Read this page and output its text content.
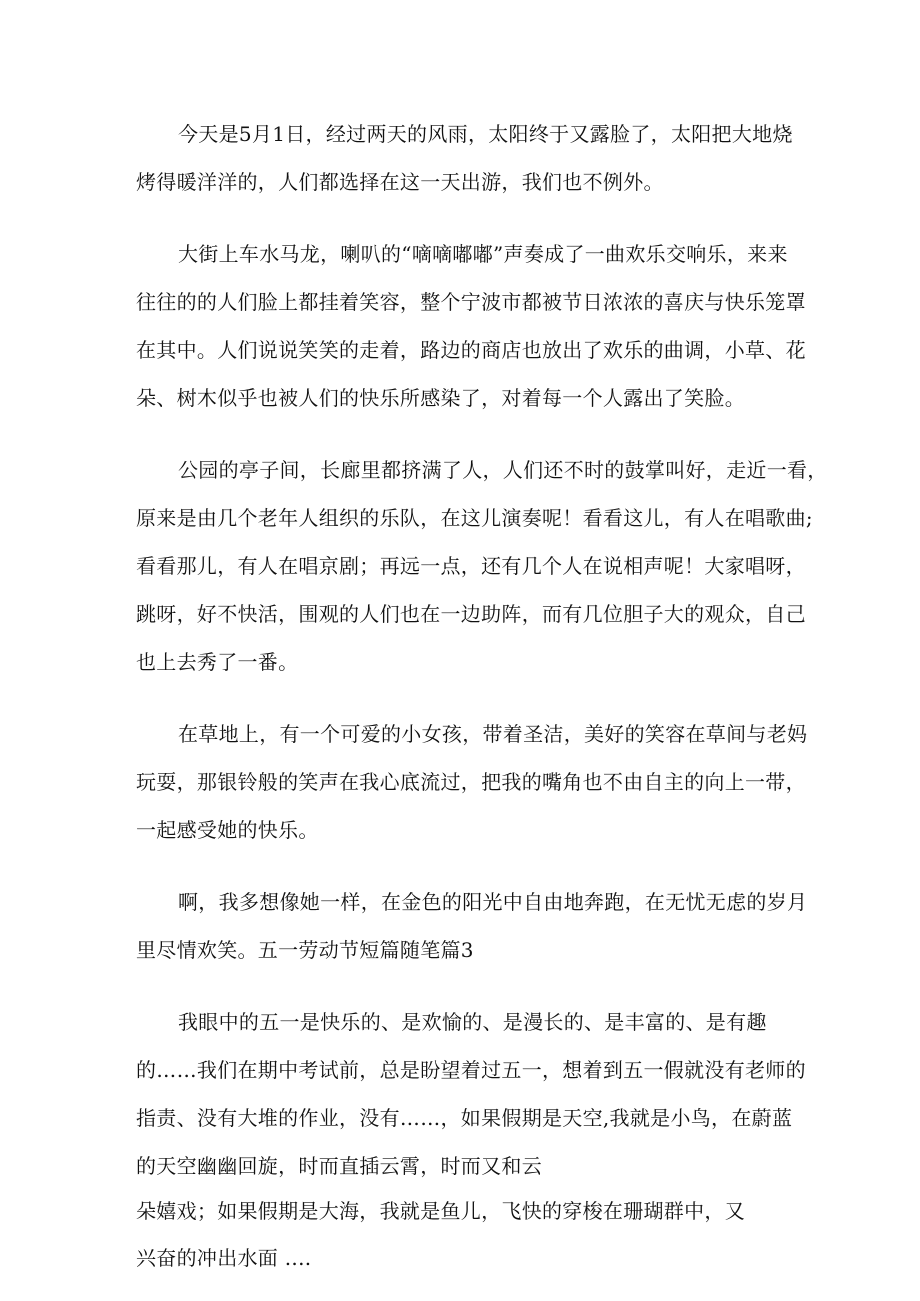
今天是5月1日，经过两天的风雨，太阳终于又露脸了，太阳把大地烧
烤得暖洋洋的，人们都选择在这一天出游，我们也不例外。
大街上车水马龙，喇叭的“嘀嘀嘟嘟”声奏成了一曲欢乐交响乐，来来
往往的的人们脸上都挂着笑容，整个宁波市都被节日浓浓的喜庆与快乐笼罩
在其中。人们说说笑笑的走着，路边的商店也放出了欢乐的曲调，小草、花
朵、树木似乎也被人们的快乐所感染了，对着每一个人露出了笑脸。
公园的亭子间，长廊里都挤满了人，人们还不时的鼓掌叫好，走近一看，
原来是由几个老年人组织的乐队，在这儿演奏呢！看看这儿，有人在唱歌曲;
看看那儿，有人在唱京剧；再远一点，还有几个人在说相声呢！大家唱呀，
跳呀，好不快活，围观的人们也在一边助阵，而有几位胆子大的观众，自己
也上去秀了一番。
在草地上，有一个可爱的小女孩，带着圣洁，美好的笑容在草间与老妈
玩耍，那银铃般的笑声在我心底流过，把我的嘴角也不由自主的向上一带，
一起感受她的快乐。
啊，我多想像她一样，在金色的阳光中自由地奔跑，在无忧无虑的岁月
里尽情欢笑。五一劳动节短篇随笔篇3
我眼中的五一是快乐的、是欢愉的、是漫长的、是丰富的、是有趣
的……我们在期中考试前，总是盼望着过五一，想着到五一假就没有老师的
指责、没有大堆的作业，没有……，如果假期是天空,我就是小鸟，在蔚蓝
的天空幽幽回旋，时而直插云霄，时而又和云
朵嬉戏；如果假期是大海，我就是鱼儿，飞快的穿梭在珊瑚群中，又
兴奋的冲出水面 ....
